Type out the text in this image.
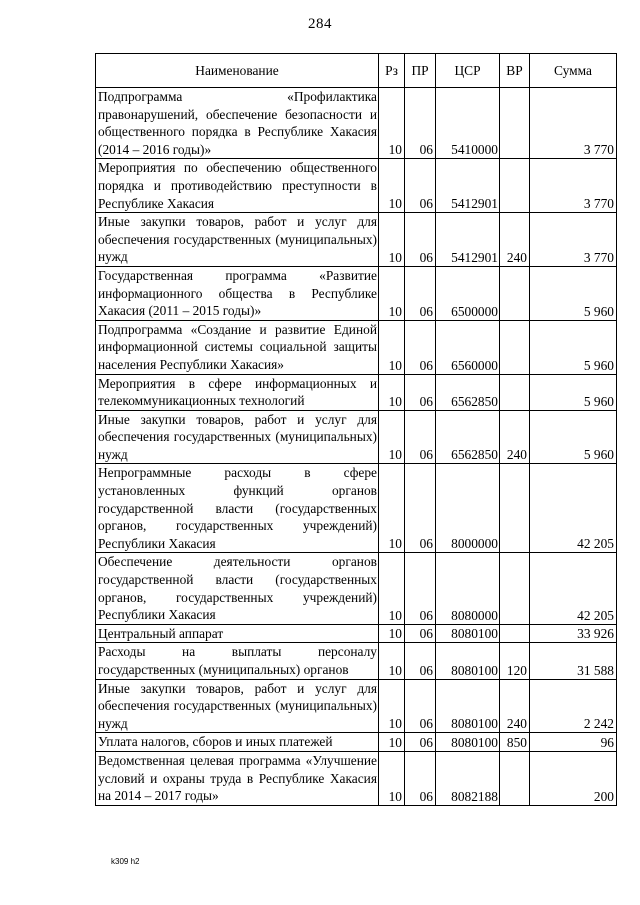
284
Наименование	Рз	ПР	ЦСР	ВР	Сумма
Подпрограмма «Профилактика правонарушений, обеспечение безопасности и общественного порядка в Республике Хакасия (2014 – 2016 годы)»	10	06	5410000		3 770
Мероприятия по обеспечению общественного порядка и противодействию преступности в Республике Хакасия	10	06	5412901		3 770
Иные закупки товаров, работ и услуг для обеспечения государственных (муниципальных) нужд	10	06	5412901	240	3 770
Государственная программа «Развитие информационного общества в Республике Хакасия (2011 – 2015 годы)»	10	06	6500000		5 960
Подпрограмма «Создание и развитие Единой информационной системы социальной защиты населения Республики Хакасия»	10	06	6560000		5 960
Мероприятия в сфере информационных и телекоммуникационных технологий	10	06	6562850		5 960
Иные закупки товаров, работ и услуг для обеспечения государственных (муниципальных) нужд	10	06	6562850	240	5 960
Непрограммные расходы в сфере установленных функций органов государственной власти (государственных органов, государственных учреждений) Республики Хакасия	10	06	8000000		42 205
Обеспечение деятельности органов государственной власти (государственных органов, государственных учреждений) Республики Хакасия	10	06	8080000		42 205
Центральный аппарат	10	06	8080100		33 926
Расходы на выплаты персоналу государственных (муниципальных) органов	10	06	8080100	120	31 588
Иные закупки товаров, работ и услуг для обеспечения государственных (муниципальных) нужд	10	06	8080100	240	2 242
Уплата налогов, сборов и иных платежей	10	06	8080100	850	96
Ведомственная целевая программа «Улучшение условий и охраны труда в Республике Хакасия на 2014 – 2017 годы»	10	06	8082188		200
k309 h2
